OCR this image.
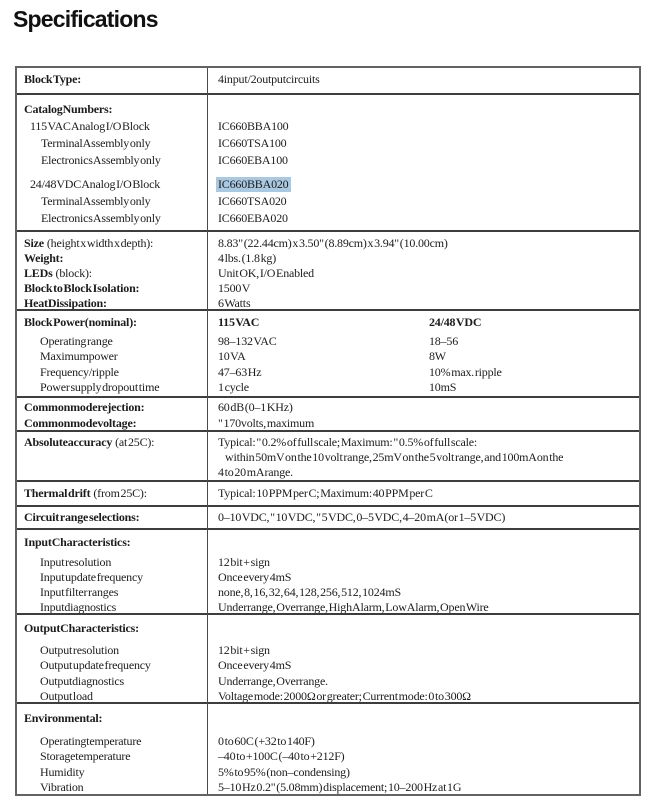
Specifications
Block Type:	4input/2outputcircuits
CatalogNumbers:
115 VAC Analog I/O Block	IC660BBA100
Terminal Assembly only	IC660TSA100
Electronics Assembly only	IC660EBA100
24/48VDC Analog I/O Block	IC660BBA020
Terminal Assembly only	IC660TSA020
Electronics Assembly only	IC660EBA020
Size (height x width x depth):	8.83" (22.44cm) x 3.50" (8.89cm) x 3.94" (10.00cm)
Weight:	4 lbs. (1.8 kg)
LEDs (block):	Unit OK, I/O Enabled
Block to Block Isolation:	1500 V
HeatDissipation:	6 Watts
Block Power(nominal):	115 VAC	24/48 VDC
Operating range	98–132 VAC	18–56
Maximumpower	10 VA	8W
Frequency/ripple	47–63 Hz	10% max. ripple
Power supply dropout time	1 cycle	10mS
Commonmoderejection:	60 dB (0–1 KHz)
Commonmodevoltage:	" 170volts, maximum
Absoluteaccuracy (at 25C):	Typical: " 0.2% of full scale; Maximum: " 0.5% of full scale:
within 50mV on the 10 volt range, 25mV on the 5 volt range, and 100mA on the
4 to 20 mA range.
Thermal drift (from 25C):	Typical: 10 PPM per C; Maximum: 40 PPM per C
Circuit range selections:	0–10 VDC, " 10 VDC, " 5 VDC, 0–5 VDC, 4–20 mA (or 1–5 VDC)
InputCharacteristics:
Input resolution	12 bit + sign
Input update frequency	Once every 4mS
Input filter ranges	none, 8, 16, 32, 64, 128, 256, 512, 1024mS
Inputdiagnostics	Underrange, Overrange, High Alarm, Low Alarm, Open Wire
OutputCharacteristics:
Output resolution	12 bit + sign
Output update frequency	Once every 4mS
Outputdiagnostics	Underrange, Overrange.
Output load	Voltage mode: 2000Ω or greater; Current mode: 0 to 300Ω
Environmental:
Operatingtemperature	0 to 60C (+32 to 140F)
Storagetemperature	–40 to +100C (–40 to +212F)
Humidity	5% to 95% (non–condensing)
Vibration	5–10 Hz 0.2" (5.08mm) displacement; 10–200 Hz at 1G
